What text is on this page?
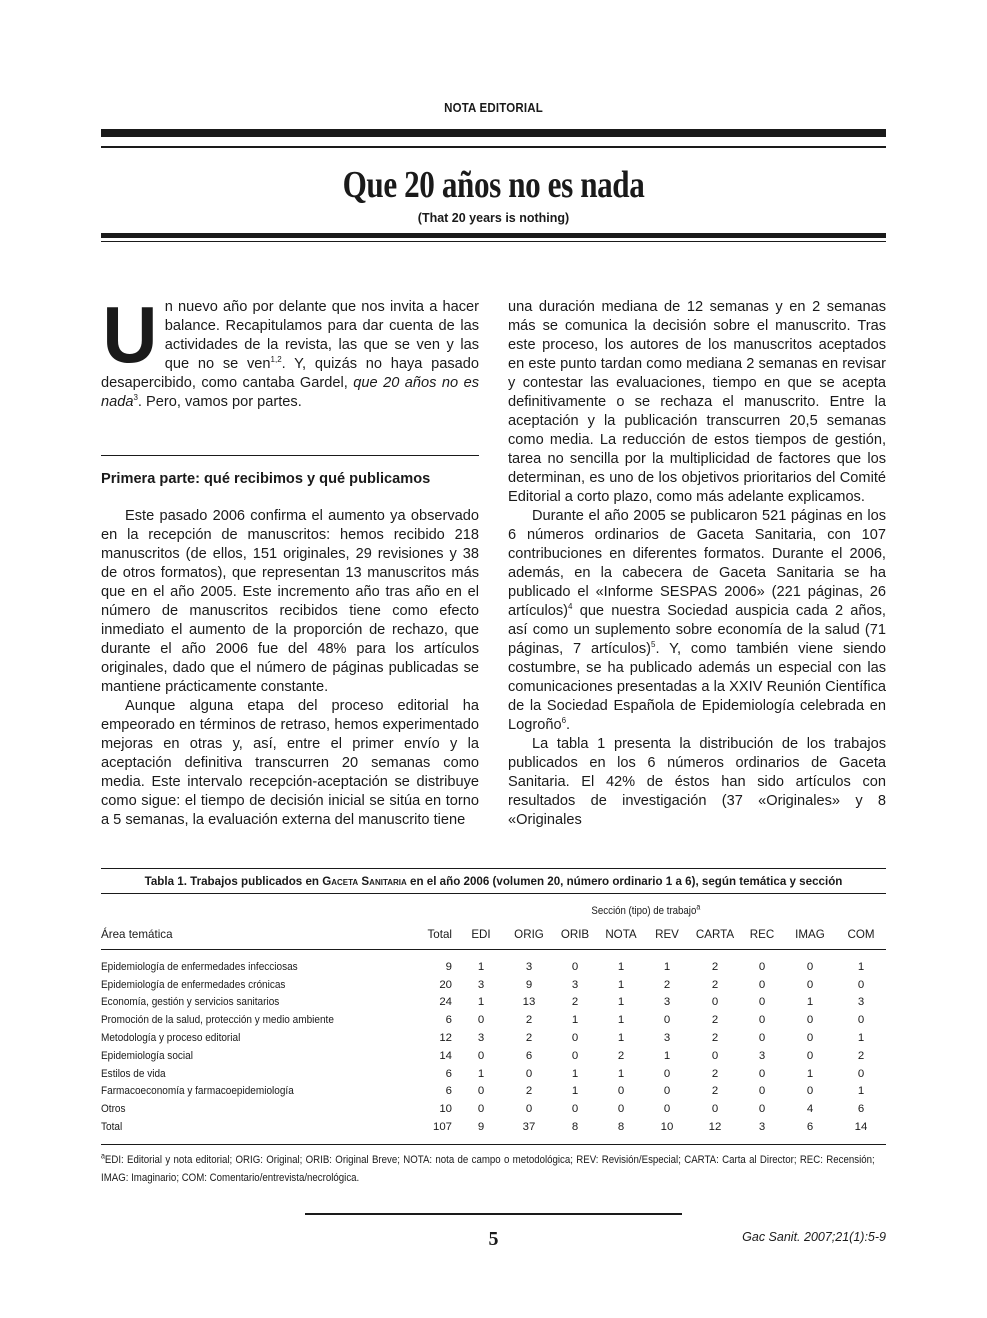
NOTA EDITORIAL
Que 20 años no es nada
(That 20 years is nothing)

Un nuevo año por delante que nos invita a hacer balance. Recapitulamos para dar cuenta de las actividades de la revista, las que se ven y las que no se ven$^{1,2}$. Y, quizás no haya pasado desapercibido, como cantaba Gardel, que 20 años no es nada$^3$. Pero, vamos por partes.

Primera parte: qué recibimos y qué publicamos

Este pasado 2006 confirma el aumento ya observado en la recepción de manuscritos: hemos recibido 218 manuscritos (de ellos, 151 originales, 29 revisiones y 38 de otros formatos), que representan 13 manuscritos más que en el año 2005. Este incremento año tras año en el número de manuscritos recibidos tiene como efecto inmediato el aumento de la proporción de rechazo, que durante el año 2006 fue del 48% para los artículos originales, dado que el número de páginas publicadas se mantiene prácticamente constante.

Aunque alguna etapa del proceso editorial ha empeorado en términos de retraso, hemos experimentado mejoras en otras y, así, entre el primer envío y la aceptación definitiva transcurren 20 semanas como media. Este intervalo recepción-aceptación se distribuye como sigue: el tiempo de decisión inicial se sitúa en torno a 5 semanas, la evaluación externa del manuscrito tiene

una duración mediana de 12 semanas y en 2 semanas más se comunica la decisión sobre el manuscrito. Tras este proceso, los autores de los manuscritos aceptados en este punto tardan como mediana 2 semanas en revisar y contestar las evaluaciones, tiempo en que se acepta definitivamente o se rechaza el manuscrito. Entre la aceptación y la publicación transcurren 20,5 semanas como media. La reducción de estos tiempos de gestión, tarea no sencilla por la multiplicidad de factores que los determinan, es uno de los objetivos prioritarios del Comité Editorial a corto plazo, como más adelante explicamos.

Durante el año 2005 se publicaron 521 páginas en los 6 números ordinarios de Gaceta Sanitaria, con 107 contribuciones en diferentes formatos. Durante el 2006, además, en la cabecera de Gaceta Sanitaria se ha publicado el «Informe SESPAS 2006» (221 páginas, 26 artículos)$^4$ que nuestra Sociedad auspicia cada 2 años, así como un suplemento sobre economía de la salud (71 páginas, 7 artículos)$^5$. Y, como también viene siendo costumbre, se ha publicado además un especial con las comunicaciones presentadas a la XXIV Reunión Científica de la Sociedad Española de Epidemiología celebrada en Logroño$^6$.

La tabla 1 presenta la distribución de los trabajos publicados en los 6 números ordinarios de Gaceta Sanitaria. El 42% de éstos han sido artículos con resultados de investigación (37 «Originales» y 8 «Originales

Tabla 1. Trabajos publicados en Gaceta Sanitaria en el año 2006 (volumen 20, número ordinario 1 a 6), según temática y sección
	Sección (tipo) de trabajo$^a$
Área temática	Total	EDI	ORIG	ORIB	NOTA	REV	CARTA	REC	IMAG	COM
Epidemiología de enfermedades infecciosas	9	1	3	0	1	1	2	0	0	1
Epidemiología de enfermedades crónicas	20	3	9	3	1	2	2	0	0	0
Economía, gestión y servicios sanitarios	24	1	13	2	1	3	0	0	1	3
Promoción de la salud, protección y medio ambiente	6	0	2	1	1	0	2	0	0	0
Metodología y proceso editorial	12	3	2	0	1	3	2	0	0	1
Epidemiología social	14	0	6	0	2	1	0	3	0	2
Estilos de vida	6	1	0	1	1	0	2	0	1	0
Farmacoeconomía y farmacoepidemiología	6	0	2	1	0	0	2	0	0	1
Otros	10	0	0	0	0	0	0	0	4	6
Total	107	9	37	8	8	10	12	3	6	14
$^a$EDI: Editorial y nota editorial; ORIG: Original; ORIB: Original Breve; NOTA: nota de campo o metodológica; REV: Revisión/Especial; CARTA: Carta al Director; REC: Recensión; IMAG: Imaginario; COM: Comentario/entrevista/necrológica.
5	Gac Sanit. 2007;21(1):5-9
